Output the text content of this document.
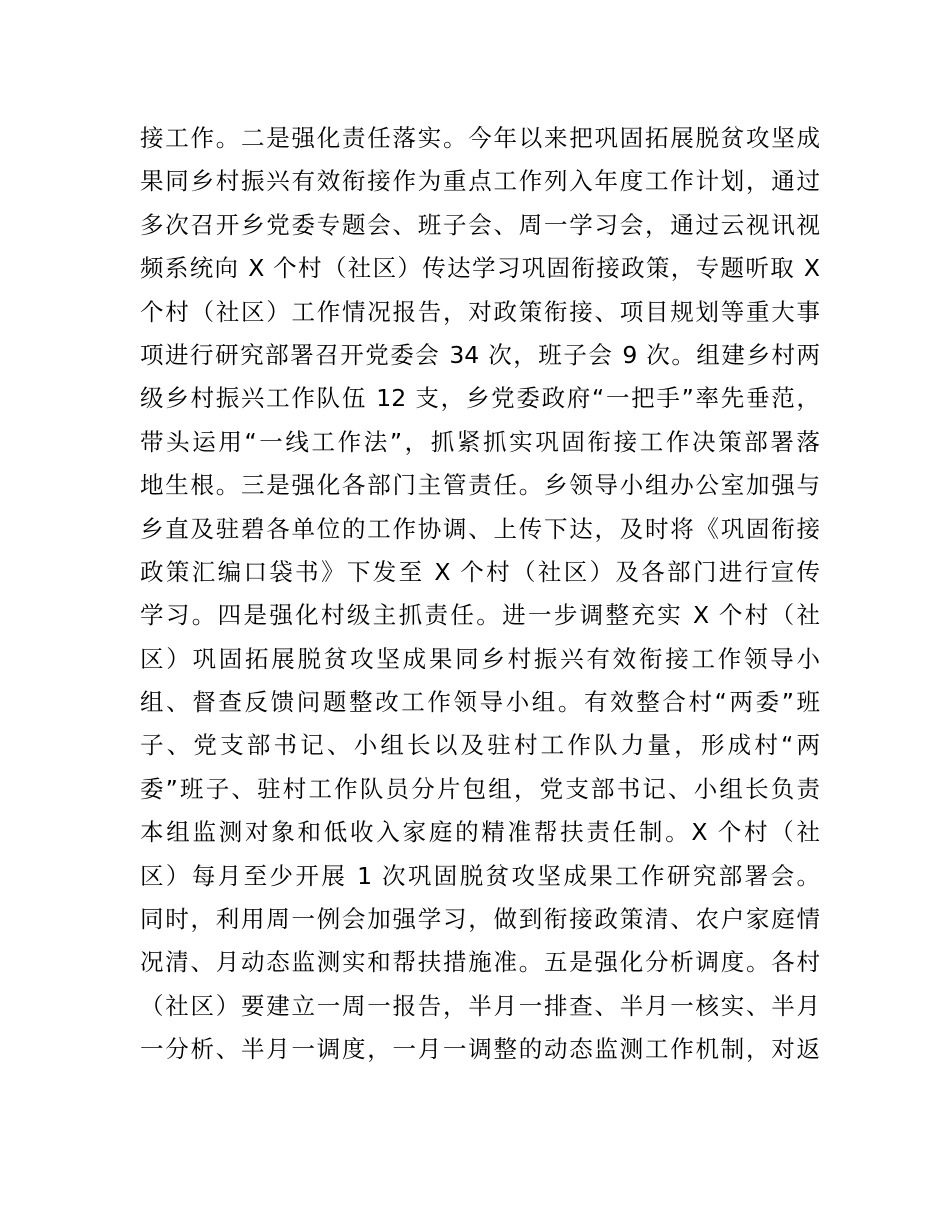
接工作。二是强化责任落实。今年以来把巩固拓展脱贫攻坚成
果同乡村振兴有效衔接作为重点工作列入年度工作计划，通过
多次召开乡党委专题会、班子会、周一学习会，通过云视讯视
频系统向 X 个村（社区）传达学习巩固衔接政策，专题听取 X
个村（社区）工作情况报告，对政策衔接、项目规划等重大事
项进行研究部署召开党委会 34 次，班子会 9 次。组建乡村两
级乡村振兴工作队伍 12 支，乡党委政府“一把手”率先垂范，
带头运用“一线工作法”，抓紧抓实巩固衔接工作决策部署落
地生根。三是强化各部门主管责任。乡领导小组办公室加强与
乡直及驻碧各单位的工作协调、上传下达，及时将《巩固衔接
政策汇编口袋书》下发至 X 个村（社区）及各部门进行宣传
学习。四是强化村级主抓责任。进一步调整充实 X 个村（社
区）巩固拓展脱贫攻坚成果同乡村振兴有效衔接工作领导小
组、督查反馈问题整改工作领导小组。有效整合村“两委”班
子、党支部书记、小组长以及驻村工作队力量，形成村“两
委”班子、驻村工作队员分片包组，党支部书记、小组长负责
本组监测对象和低收入家庭的精准帮扶责任制。X 个村（社
区）每月至少开展 1 次巩固脱贫攻坚成果工作研究部署会。
同时，利用周一例会加强学习，做到衔接政策清、农户家庭情
况清、月动态监测实和帮扶措施准。五是强化分析调度。各村
（社区）要建立一周一报告，半月一排查、半月一核实、半月
一分析、半月一调度，一月一调整的动态监测工作机制，对返
